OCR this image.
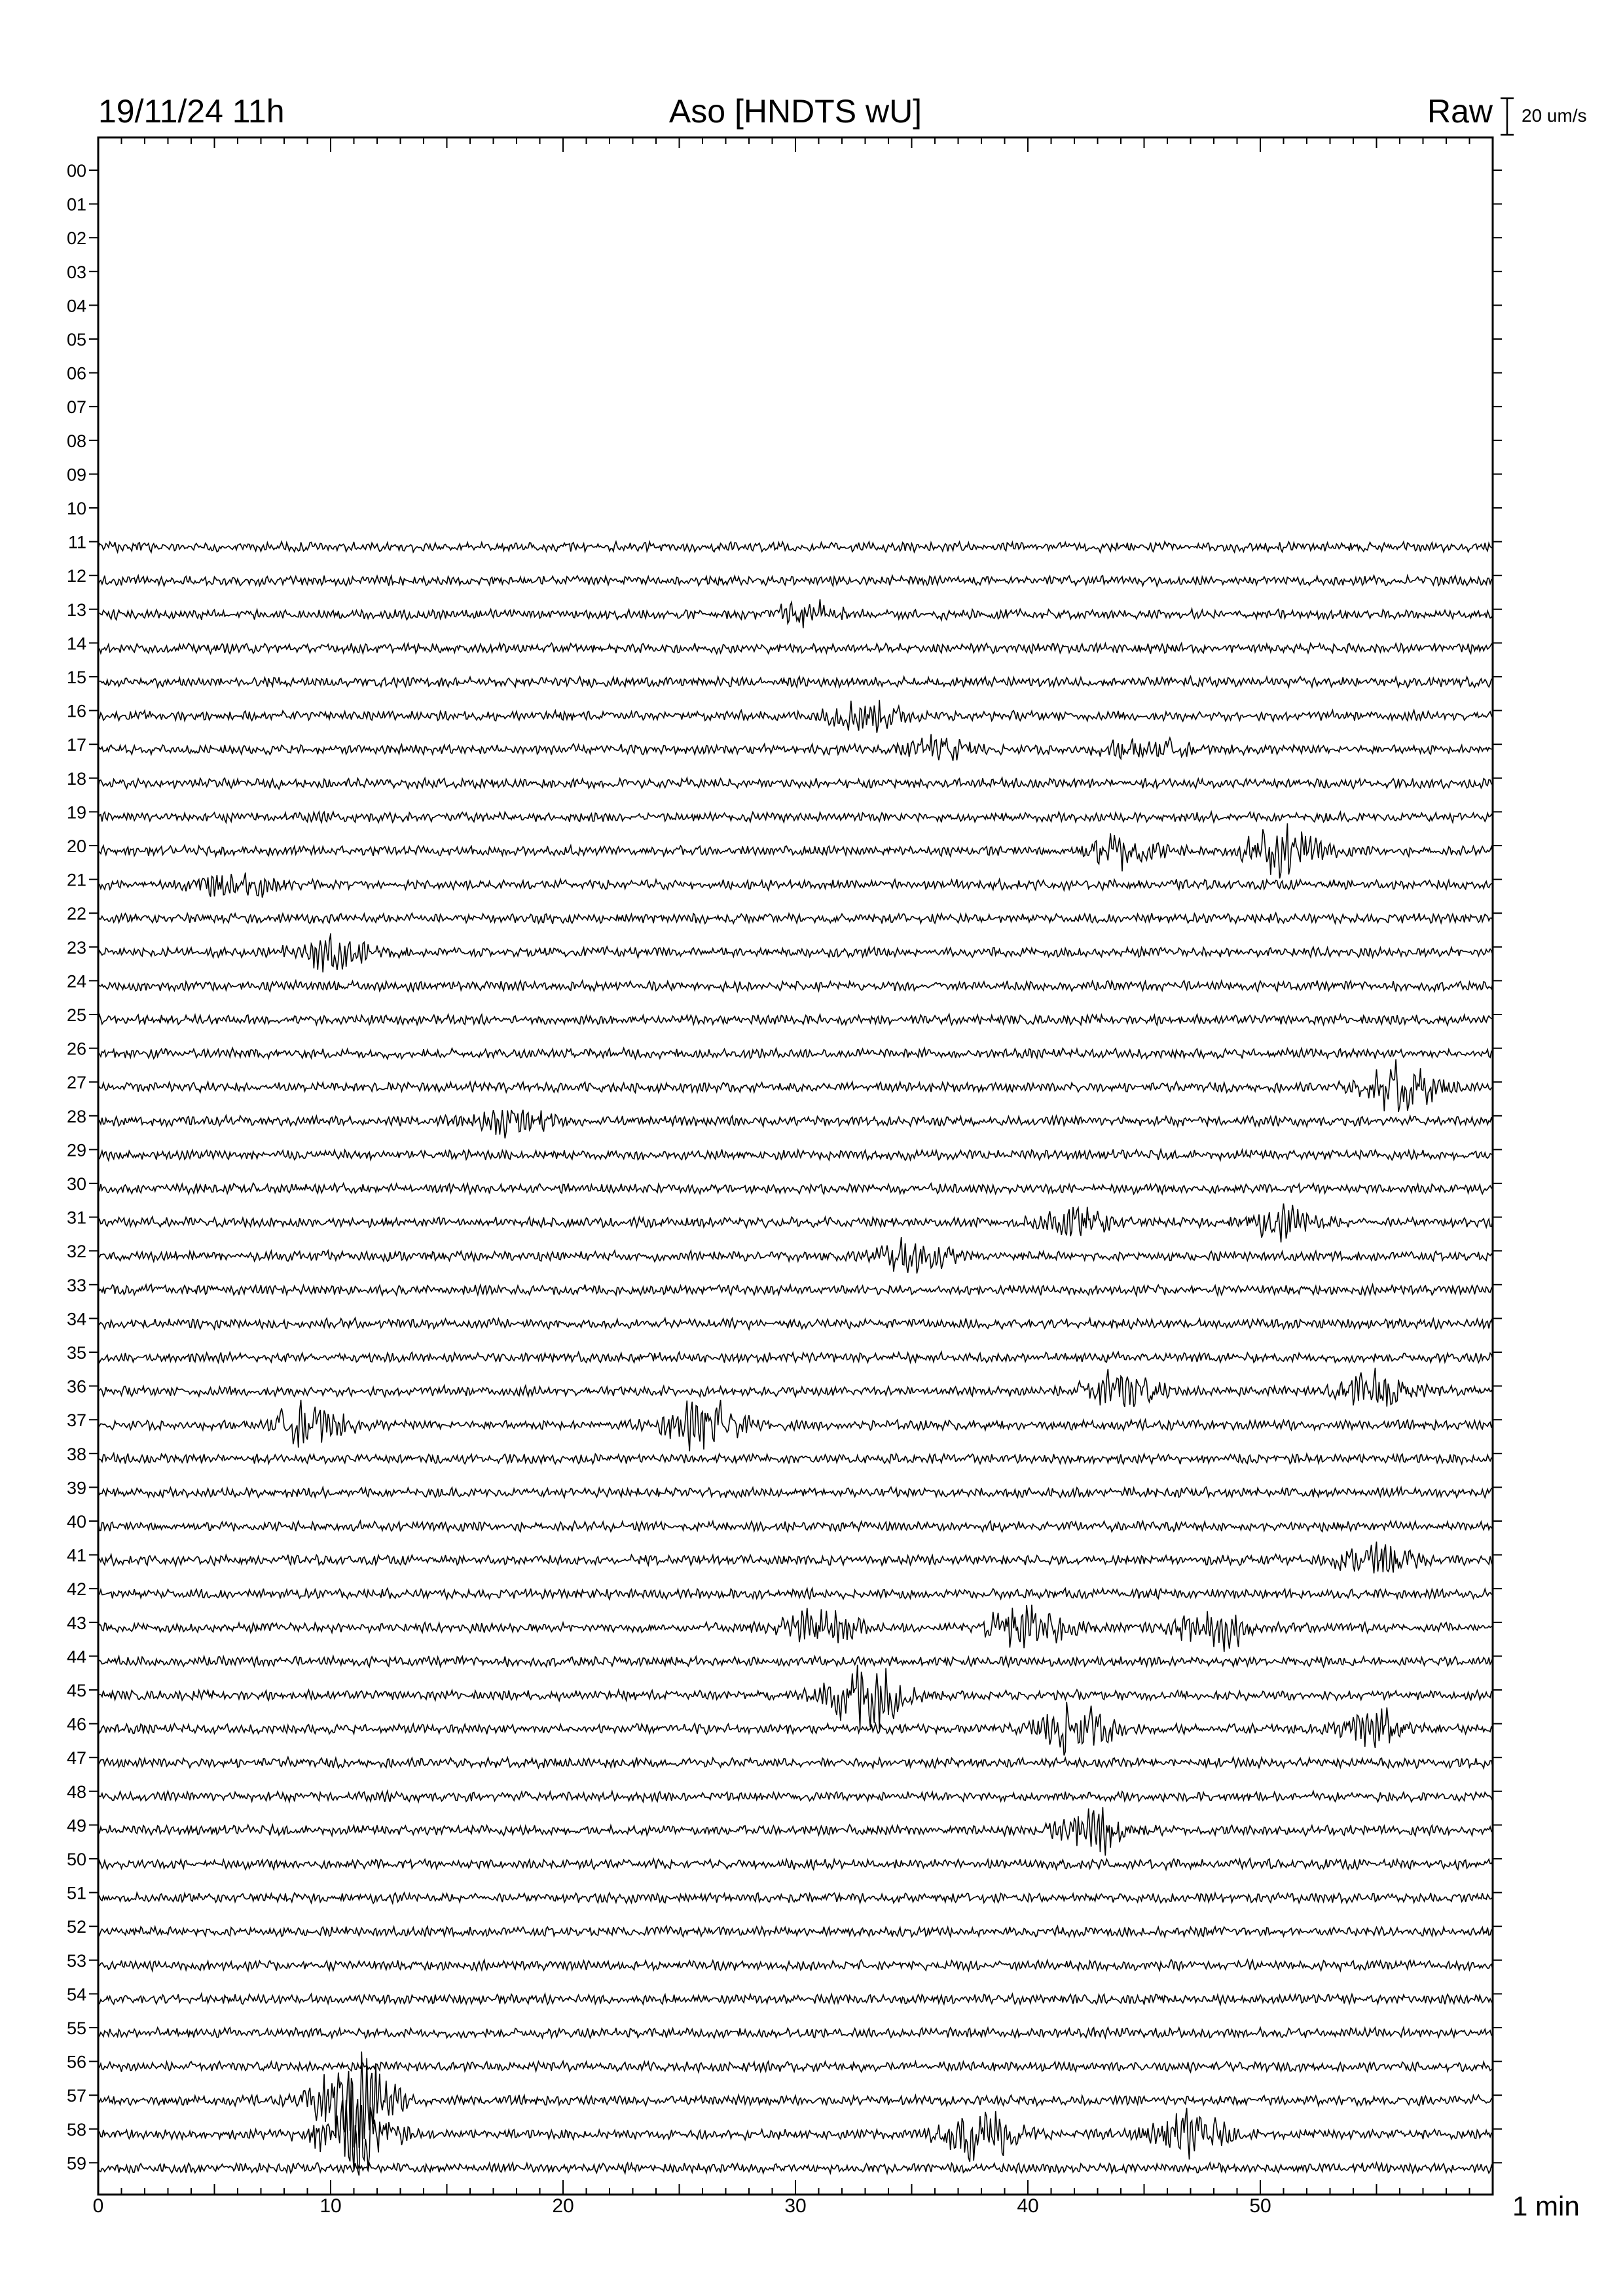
19/11/24 11h	Aso [HNDTS wU]	Raw 20 um/s
00
01
02
03
04
05
06
07
08
09
10
11
12
13
14
15
16
17
18
19
20
21
22
23
24
25
26
27
28
29
30
31
32
33
34
35
36
37
38
39
40
41
42
43
44
45
46
47
48
49
50
51
52
53
54
55
56
57
58
59
0	10	20	30	40	50	1 min
